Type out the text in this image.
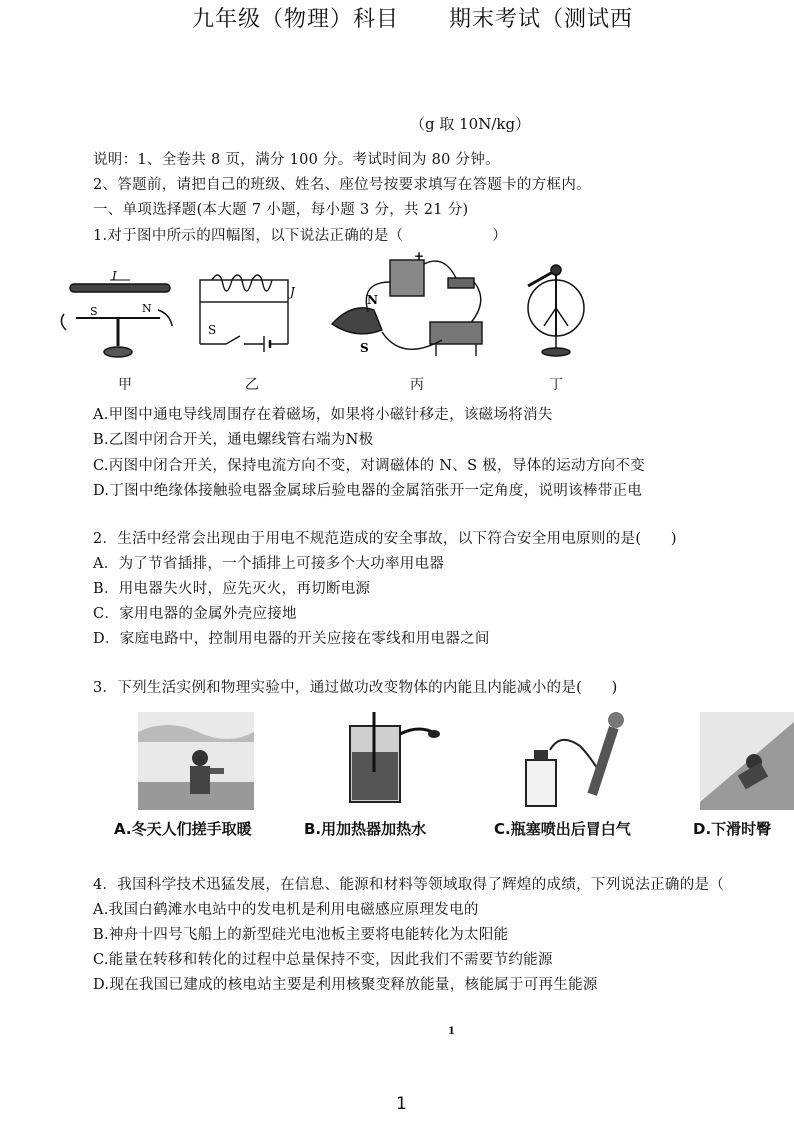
九年级（物理）科目 期末考试（测试西
（g 取 10N/kg）
说明：1、全卷共 8 页，满分 100 分。考试时间为 80 分钟。
2、答题前，请把自己的班级、姓名、座位号按要求填写在答题卡的方框内。
一、单项选择题(本大题 7 小题，每小题 3 分，共 21 分)
1.对于图中所示的四幅图，以下说法正确的是（　　　　　　）
I
S	N
J
S
N
S
+
甲	乙	丙	丁
A.甲图中通电导线周围存在着磁场，如果将小磁针移走，该磁场将消失
B.乙图中闭合开关，通电螺线管右端为N极
C.丙图中闭合开关，保持电流方向不变，对调磁体的 N、S 极，导体的运动方向不变
D.丁图中绝缘体接触验电器金属球后验电器的金属箔张开一定角度，说明该棒带正电
2．生活中经常会出现由于用电不规范造成的安全事故，以下符合安全用电原则的是(　　)
A．为了节省插排，一个插排上可接多个大功率用电器
B．用电器失火时，应先灭火，再切断电源
C．家用电器的金属外壳应接地
D．家庭电路中，控制用电器的开关应接在零线和用电器之间
3．下列生活实例和物理实验中，通过做功改变物体的内能且内能减小的是(　　)
A.冬天人们搓手取暖	B.用加热器加热水	C.瓶塞喷出后冒白气	D.下滑时臀
4．我国科学技术迅猛发展，在信息、能源和材料等领域取得了辉煌的成绩，下列说法正确的是（
A.我国白鹤滩水电站中的发电机是利用电磁感应原理发电的
B.神舟十四号飞船上的新型硅光电池板主要将电能转化为太阳能
C.能量在转移和转化的过程中总量保持不变，因此我们不需要节约能源
D.现在我国已建成的核电站主要是利用核聚变释放能量，核能属于可再生能源
1
1
